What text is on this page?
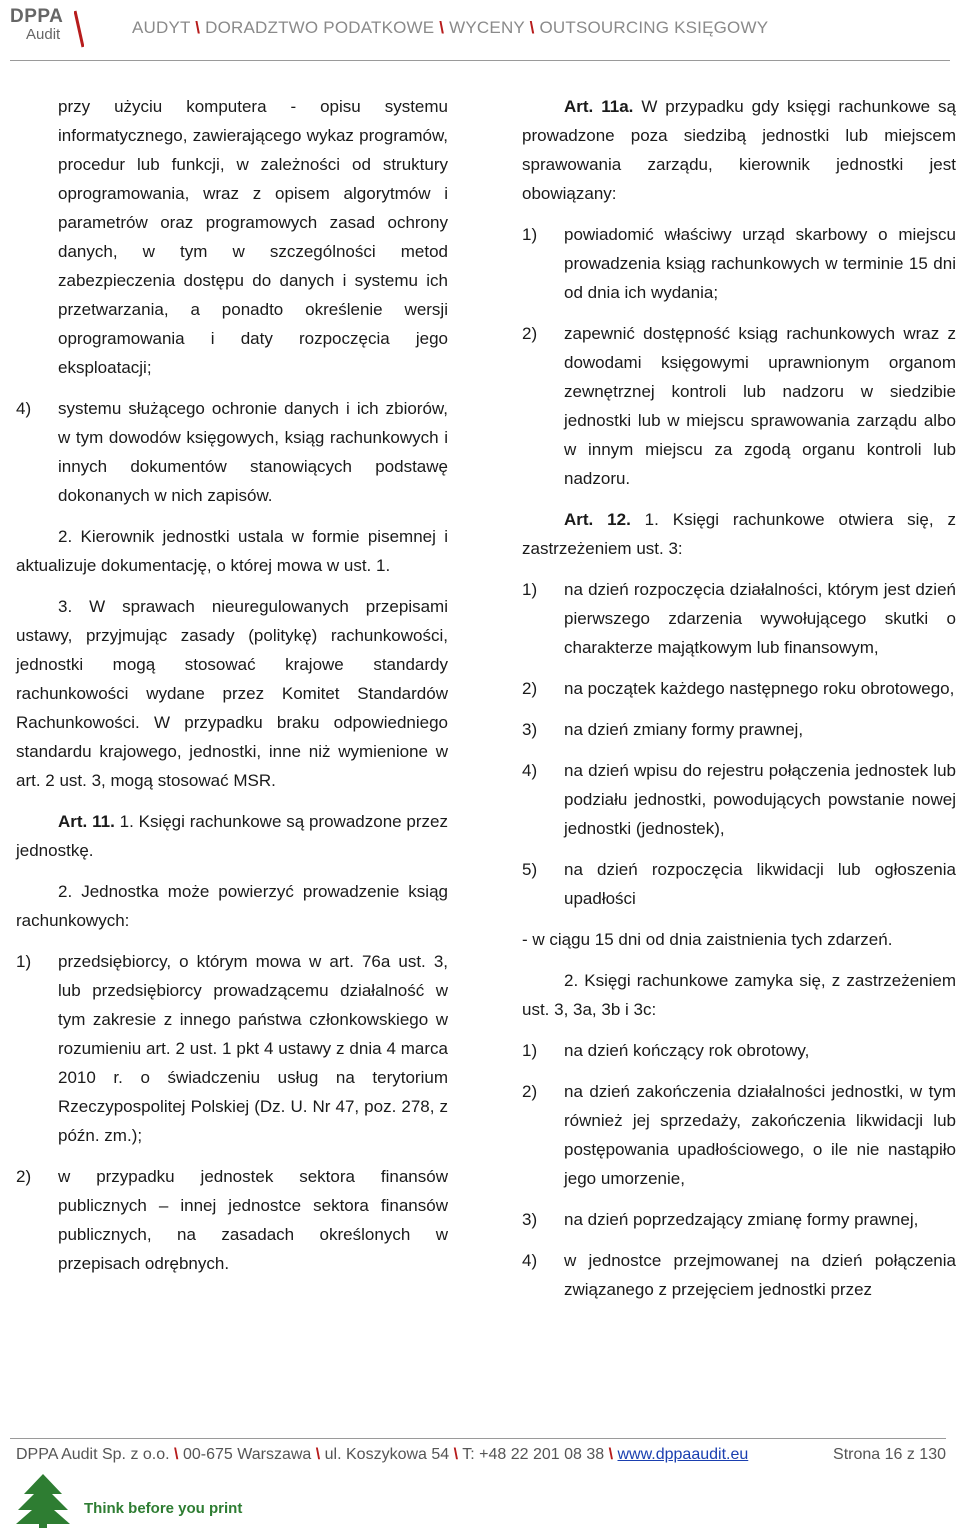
DPPA
Audit	AUDYT \ DORADZTWO PODATKOWE \ WYCENY \ OUTSOURCING KSIĘGOWY

przy użyciu komputera - opisu systemu informatycznego, zawierającego wykaz programów, procedur lub funkcji, w zależności od struktury oprogramowania, wraz z opisem algorytmów i parametrów oraz programowych zasad ochrony danych, w tym w szczególności metod zabezpieczenia dostępu do danych i systemu ich przetwarzania, a ponadto określenie wersji oprogramowania i daty rozpoczęcia jego eksploatacji;

4)	systemu służącego ochronie danych i ich zbiorów, w tym dowodów księgowych, ksiąg rachunkowych i innych dokumentów stanowiących podstawę dokonanych w nich zapisów.

2. Kierownik jednostki ustala w formie pisemnej i aktualizuje dokumentację, o której mowa w ust. 1.

3. W sprawach nieuregulowanych przepisami ustawy, przyjmując zasady (politykę) rachunkowości, jednostki mogą stosować krajowe standardy rachunkowości wydane przez Komitet Standardów Rachunkowości. W przypadku braku odpowiedniego standardu krajowego, jednostki, inne niż wymienione w art. 2 ust. 3, mogą stosować MSR.

Art. 11. 1. Księgi rachunkowe są prowadzone przez jednostkę.

2. Jednostka może powierzyć prowadzenie ksiąg rachunkowych:

1)	przedsiębiorcy, o którym mowa w art. 76a ust. 3, lub przedsiębiorcy prowadzącemu działalność w tym zakresie z innego państwa członkowskiego w rozumieniu art. 2 ust. 1 pkt 4 ustawy z dnia 4 marca 2010 r. o świadczeniu usług na terytorium Rzeczypospolitej Polskiej (Dz. U. Nr 47, poz. 278, z późn. zm.);
2)	w przypadku jednostek sektora finansów publicznych – innej jednostce sektora finansów publicznych, na zasadach określonych w przepisach odrębnych.

Art. 11a. W przypadku gdy księgi rachunkowe są prowadzone poza siedzibą jednostki lub miejscem sprawowania zarządu, kierownik jednostki jest obowiązany:

1)	powiadomić właściwy urząd skarbowy o miejscu prowadzenia ksiąg rachunkowych w terminie 15 dni od dnia ich wydania;
2)	zapewnić dostępność ksiąg rachunkowych wraz z dowodami księgowymi uprawnionym organom zewnętrznej kontroli lub nadzoru w siedzibie jednostki lub w miejscu sprawowania zarządu albo w innym miejscu za zgodą organu kontroli lub nadzoru.

Art. 12. 1. Księgi rachunkowe otwiera się, z zastrzeżeniem ust. 3:

1)	na dzień rozpoczęcia działalności, którym jest dzień pierwszego zdarzenia wywołującego skutki o charakterze majątkowym lub finansowym,
2)	na początek każdego następnego roku obrotowego,
3)	na dzień zmiany formy prawnej,
4)	na dzień wpisu do rejestru połączenia jednostek lub podziału jednostki, powodujących powstanie nowej jednostki (jednostek),
5)	na dzień rozpoczęcia likwidacji lub ogłoszenia upadłości

- w ciągu 15 dni od dnia zaistnienia tych zdarzeń.

2. Księgi rachunkowe zamyka się, z zastrzeżeniem ust. 3, 3a, 3b i 3c:

1)	na dzień kończący rok obrotowy,
2)	na dzień zakończenia działalności jednostki, w tym również jej sprzedaży, zakończenia likwidacji lub postępowania upadłościowego, o ile nie nastąpiło jego umorzenie,
3)	na dzień poprzedzający zmianę formy prawnej,
4)	w jednostce przejmowanej na dzień połączenia związanego z przejęciem jednostki przez
DPPA Audit Sp. z o.o. \ 00-675 Warszawa \ ul. Koszykowa 54 \ T: +48 22 201 08 38 \ www.dppaaudit.eu	Strona 16 z 130
Think before you print
